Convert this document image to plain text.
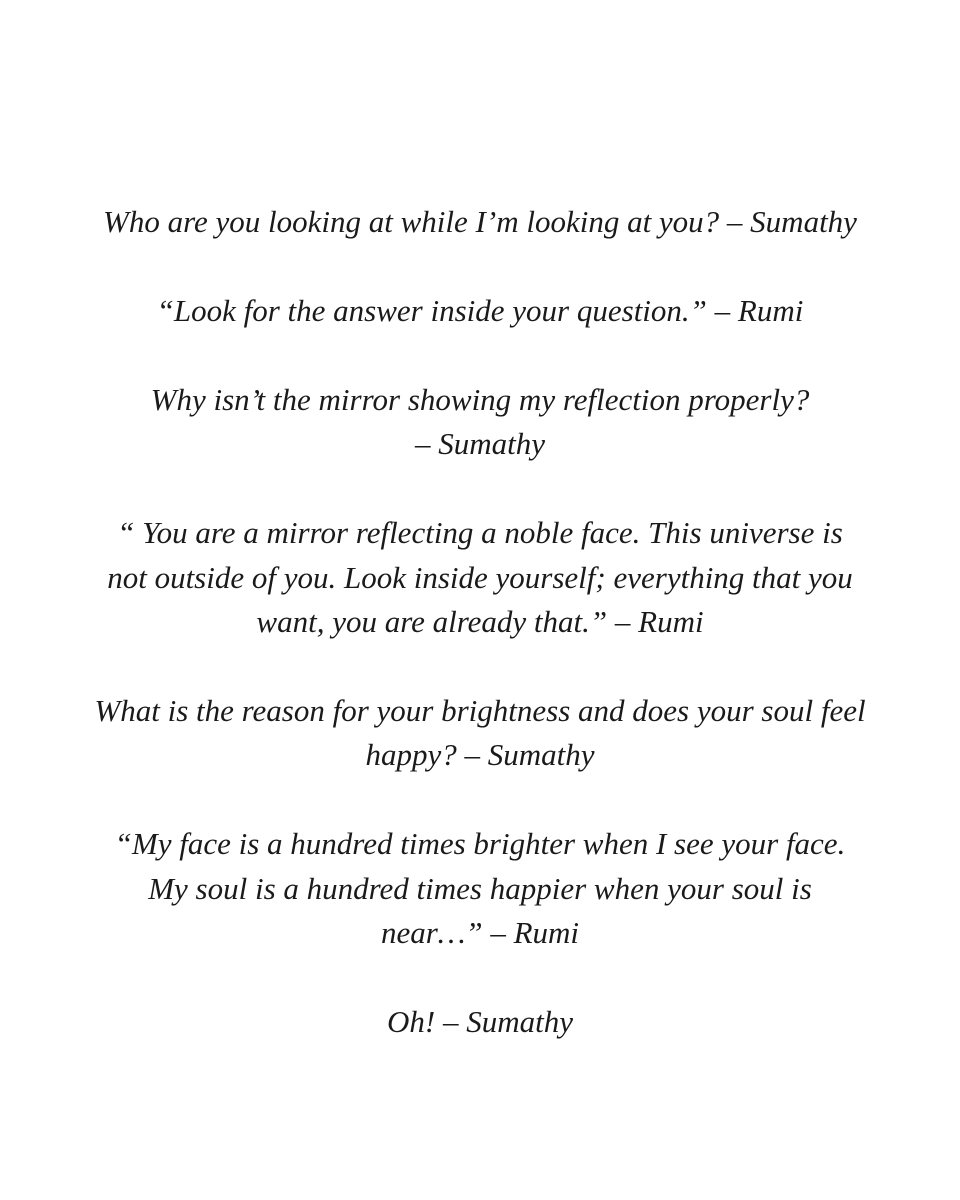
Who are you looking at while I’m looking at you? – Sumathy
“Look for the answer inside your question.” – Rumi
Why isn’t the mirror showing my reflection properly?
– Sumathy
“ You are a mirror reflecting a noble face. This universe is
not outside of you. Look inside yourself; everything that you
want, you are already that.” – Rumi
What is the reason for your brightness and does your soul feel
happy? – Sumathy
“My face is a hundred times brighter when I see your face.
My soul is a hundred times happier when your soul is
near…” – Rumi
Oh! – Sumathy
